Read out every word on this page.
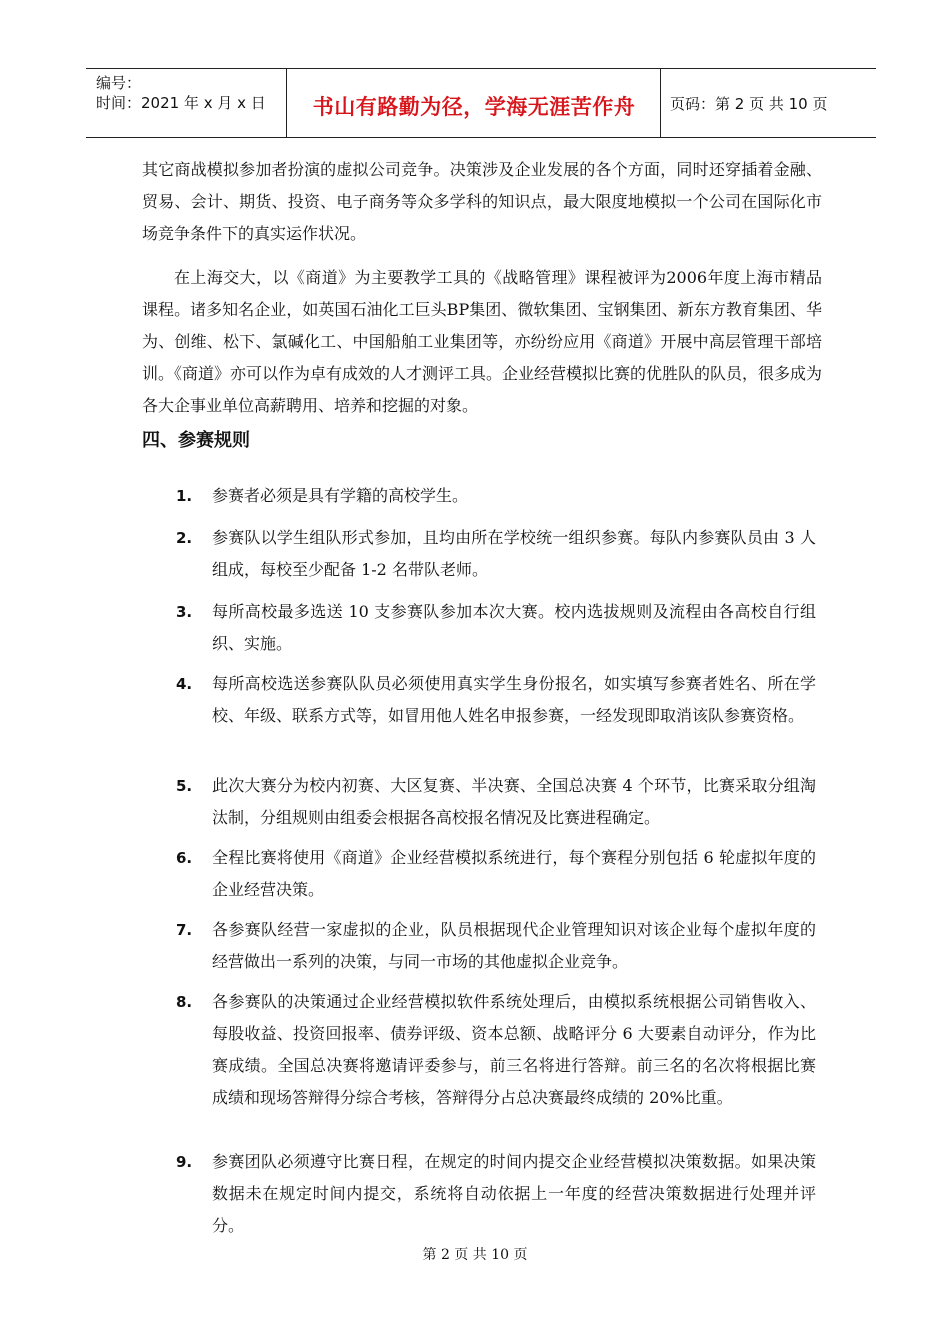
编号：
时间：2021 年 x 月 x 日	书山有路勤为径，学海无涯苦作舟	页码：第 2 页 共 10 页

其它商战模拟参加者扮演的虚拟公司竞争。决策涉及企业发展的各个方面，同时还穿插着金融、贸易、会计、期货、投资、电子商务等众多学科的知识点，最大限度地模拟一个公司在国际化市场竞争条件下的真实运作状况。

在上海交大，以《商道》为主要教学工具的《战略管理》课程被评为2006年度上海市精品课程。诸多知名企业，如英国石油化工巨头BP集团、微软集团、宝钢集团、新东方教育集团、华为、创维、松下、氯碱化工、中国船舶工业集团等，亦纷纷应用《商道》开展中高层管理干部培训。《商道》亦可以作为卓有成效的人才测评工具。企业经营模拟比赛的优胜队的队员，很多成为各大企事业单位高薪聘用、培养和挖掘的对象。

四、参赛规则
1. 参赛者必须是具有学籍的高校学生。
2. 参赛队以学生组队形式参加，且均由所在学校统一组织参赛。每队内参赛队员由 3 人组成，每校至少配备 1-2 名带队老师。
3. 每所高校最多选送 10 支参赛队参加本次大赛。校内选拔规则及流程由各高校自行组织、实施。
4. 每所高校选送参赛队队员必须使用真实学生身份报名，如实填写参赛者姓名、所在学校、年级、联系方式等，如冒用他人姓名申报参赛，一经发现即取消该队参赛资格。
5. 此次大赛分为校内初赛、大区复赛、半决赛、全国总决赛 4 个环节，比赛采取分组淘汰制，分组规则由组委会根据各高校报名情况及比赛进程确定。
6. 全程比赛将使用《商道》企业经营模拟系统进行，每个赛程分别包括 6 轮虚拟年度的企业经营决策。
7. 各参赛队经营一家虚拟的企业，队员根据现代企业管理知识对该企业每个虚拟年度的经营做出一系列的决策，与同一市场的其他虚拟企业竞争。
8. 各参赛队的决策通过企业经营模拟软件系统处理后，由模拟系统根据公司销售收入、每股收益、投资回报率、债券评级、资本总额、战略评分 6 大要素自动评分，作为比赛成绩。全国总决赛将邀请评委参与，前三名将进行答辩。前三名的名次将根据比赛成绩和现场答辩得分综合考核，答辩得分占总决赛最终成绩的 20%比重。
9. 参赛团队必须遵守比赛日程，在规定的时间内提交企业经营模拟决策数据。如果决策数据未在规定时间内提交，系统将自动依据上一年度的经营决策数据进行处理并评分。
第 2 页 共 10 页
